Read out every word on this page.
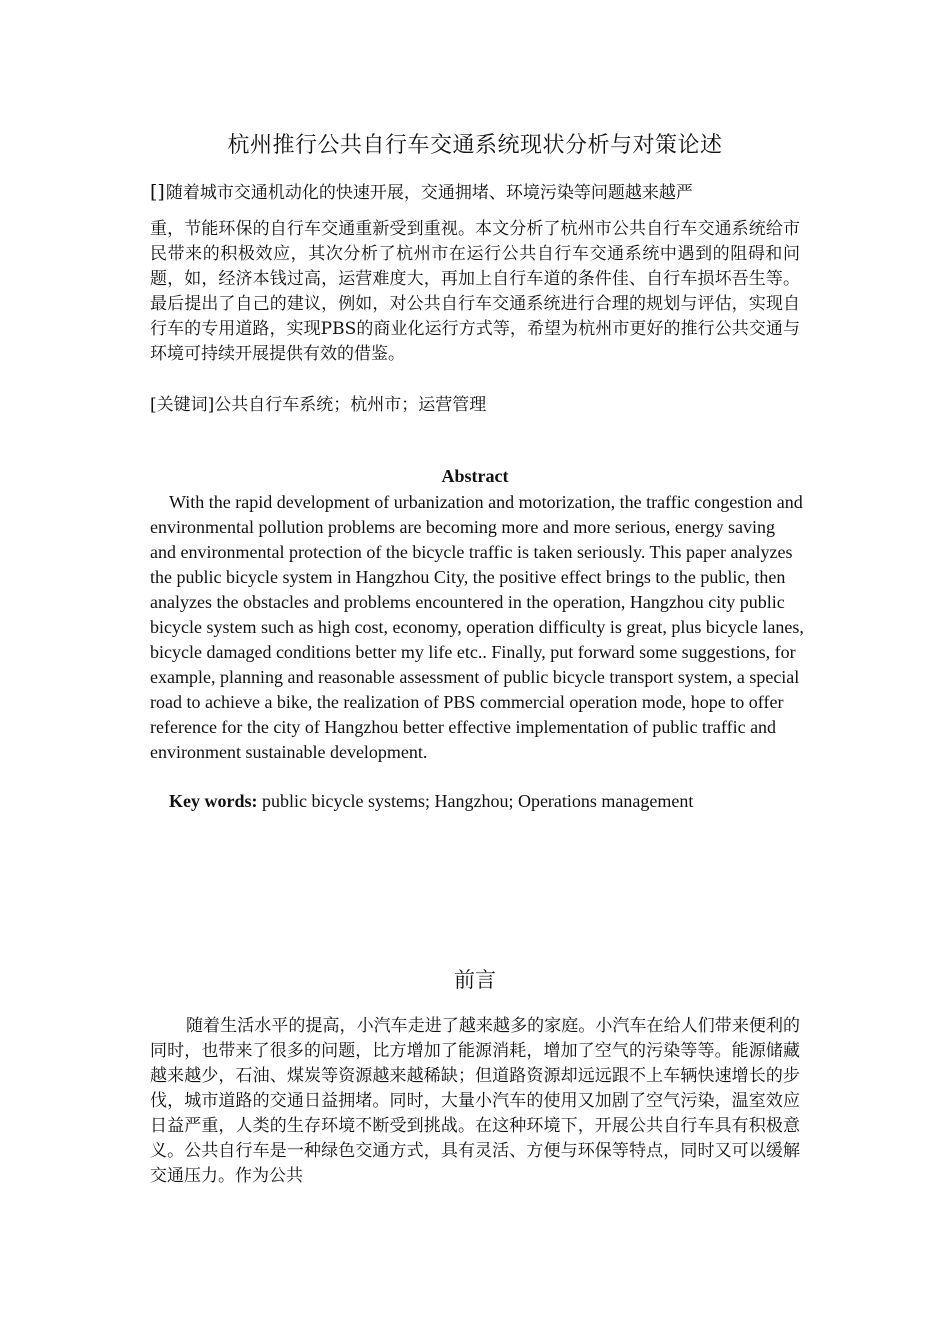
杭州推行公共自行车交通系统现状分析与对策论述
[]随着城市交通机动化的快速开展，交通拥堵、环境污染等问题越来越严
重，节能环保的自行车交通重新受到重视。本文分析了杭州市公共自行车交通系统给市民带来的积极效应，其次分析了杭州市在运行公共自行车交通系统中遇到的阻碍和问题，如，经济本钱过高，运营难度大，再加上自行车道的条件佳、自行车损坏吾生等。最后提出了自己的建议，例如，对公共自行车交通系统进行合理的规划与评估，实现自行车的专用道路，实现PBS的商业化运行方式等，希望为杭州市更好的推行公共交通与环境可持续开展提供有效的借鉴。
[关键词]公共自行车系统；杭州市；运营管理
Abstract
With the rapid development of urbanization and motorization, the traffic congestion and environmental pollution problems are becoming more and more serious, energy saving and environmental protection of the bicycle traffic is taken seriously. This paper analyzes the public bicycle system in Hangzhou City, the positive effect brings to the public, then analyzes the obstacles and problems encountered in the operation, Hangzhou city public bicycle system such as high cost, economy, operation difficulty is great, plus bicycle lanes, bicycle damaged conditions better my life etc.. Finally, put forward some suggestions, for example, planning and reasonable assessment of public bicycle transport system, a special road to achieve a bike, the realization of PBS commercial operation mode, hope to offer reference for the city of Hangzhou better effective implementation of public traffic and environment sustainable development.
Key words: public bicycle systems; Hangzhou; Operations management
前言
随着生活水平的提高，小汽车走进了越来越多的家庭。小汽车在给人们带来便利的同时，也带来了很多的问题，比方增加了能源消耗，增加了空气的污染等等。能源储藏越来越少，石油、煤炭等资源越来越稀缺；但道路资源却远远跟不上车辆快速增长的步伐，城市道路的交通日益拥堵。同时，大量小汽车的使用又加剧了空气污染，温室效应日益严重，人类的生存环境不断受到挑战。在这种环境下，开展公共自行车具有积极意义。公共自行车是一种绿色交通方式，具有灵活、方便与环保等特点，同时又可以缓解交通压力。作为公共
